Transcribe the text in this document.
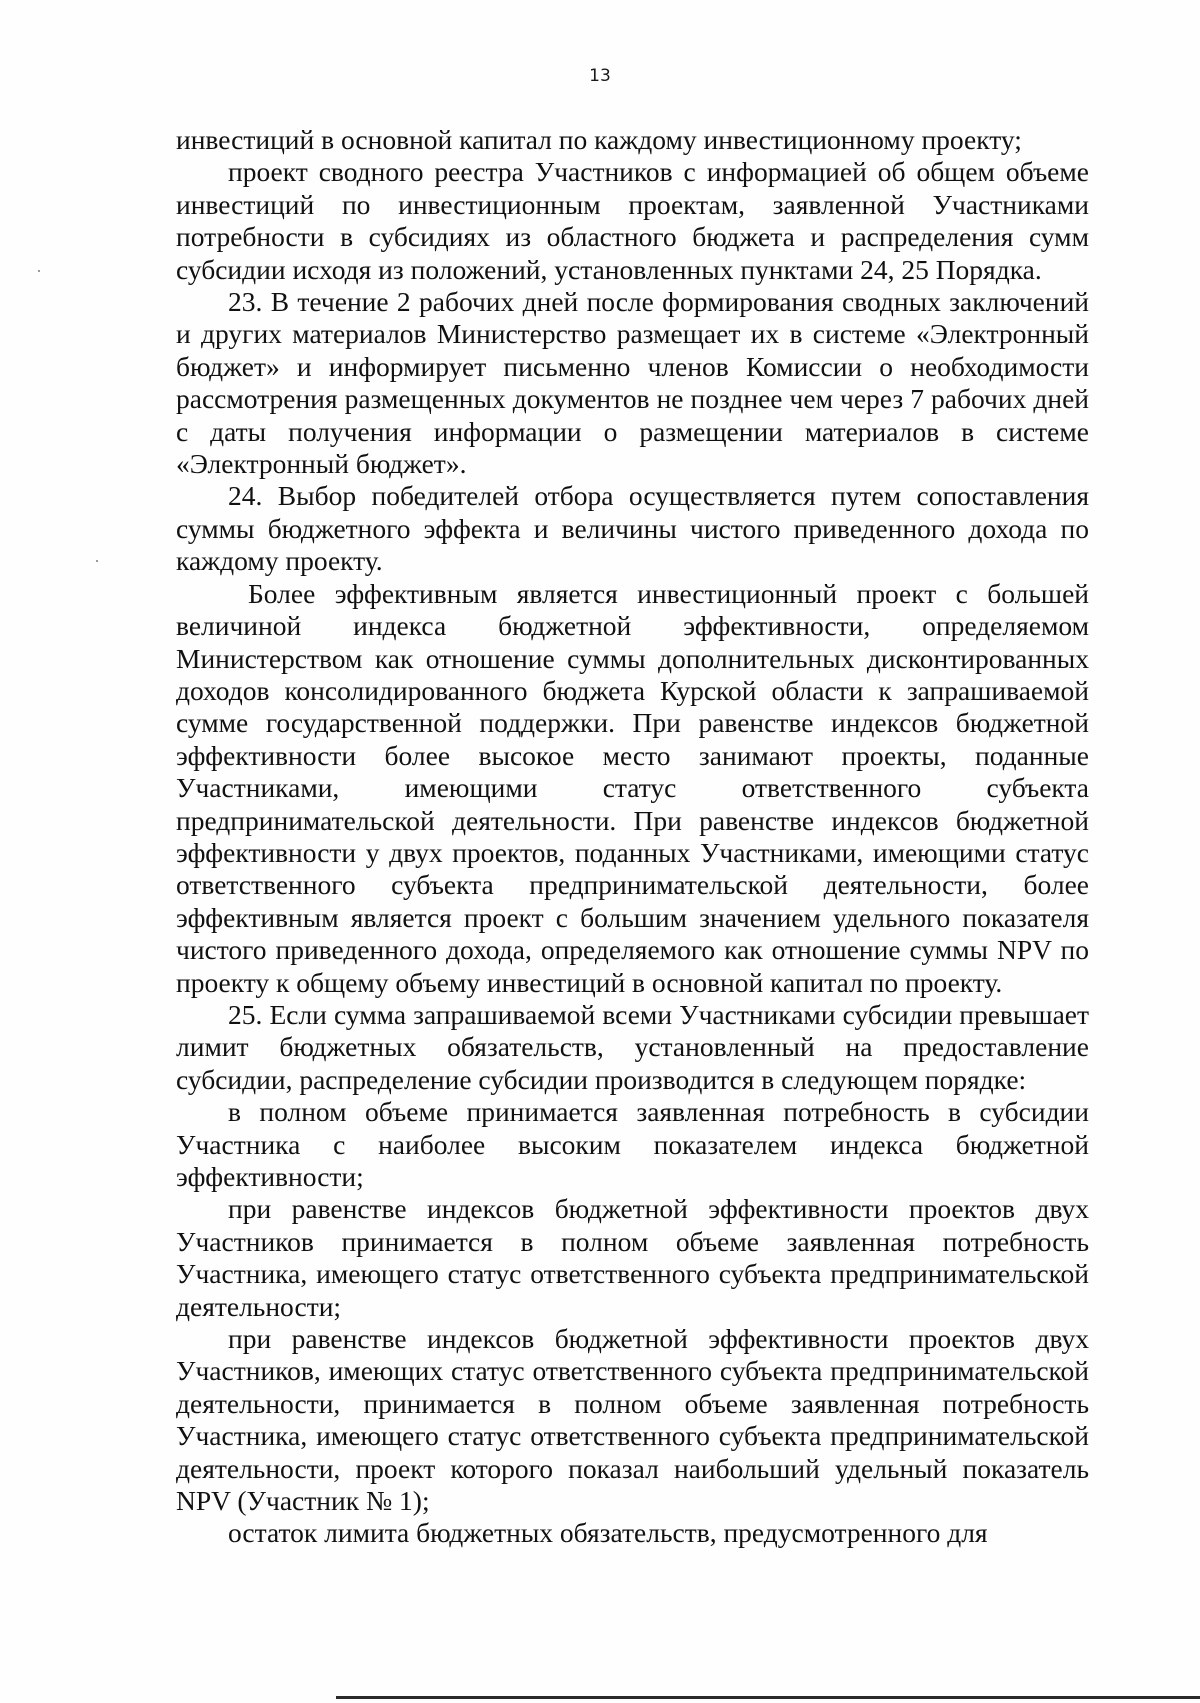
13

инвестиций в основной капитал по каждому инвестиционному проекту;

проект сводного реестра Участников с информацией об общем объеме инвестиций по инвестиционным проектам, заявленной Участниками потребности в субсидиях из областного бюджета и распределения сумм субсидии исходя из положений, установленных пунктами 24, 25 Порядка.

23. В течение 2 рабочих дней после формирования сводных заключений и других материалов Министерство размещает их в системе «Электронный бюджет» и информирует письменно членов Комиссии о необходимости рассмотрения размещенных документов не позднее чем через 7 рабочих дней с даты получения информации о размещении материалов в системе «Электронный бюджет».

24. Выбор победителей отбора осуществляется путем сопоставления суммы бюджетного эффекта и величины чистого приведенного дохода по каждому проекту.

Более эффективным является инвестиционный проект с большей величиной индекса бюджетной эффективности, определяемом Министерством как отношение суммы дополнительных дисконтированных доходов консолидированного бюджета Курской области к запрашиваемой сумме государственной поддержки. При равенстве индексов бюджетной эффективности более высокое место занимают проекты, поданные Участниками, имеющими статус ответственного субъекта предпринимательской деятельности. При равенстве индексов бюджетной эффективности у двух проектов, поданных Участниками, имеющими статус ответственного субъекта предпринимательской деятельности, более эффективным является проект с большим значением удельного показателя чистого приведенного дохода, определяемого как отношение суммы NPV по проекту к общему объему инвестиций в основной капитал по проекту.

25. Если сумма запрашиваемой всеми Участниками субсидии превышает лимит бюджетных обязательств, установленный на предоставление субсидии, распределение субсидии производится в следующем порядке:

в полном объеме принимается заявленная потребность в субсидии Участника с наиболее высоким показателем индекса бюджетной эффективности;

при равенстве индексов бюджетной эффективности проектов двух Участников принимается в полном объеме заявленная потребность Участника, имеющего статус ответственного субъекта предпринимательской деятельности;

при равенстве индексов бюджетной эффективности проектов двух Участников, имеющих статус ответственного субъекта предпринимательской деятельности, принимается в полном объеме заявленная потребность Участника, имеющего статус ответственного субъекта предпринимательской деятельности, проект которого показал наибольший удельный показатель NPV (Участник № 1);

остаток лимита бюджетных обязательств, предусмотренного для
